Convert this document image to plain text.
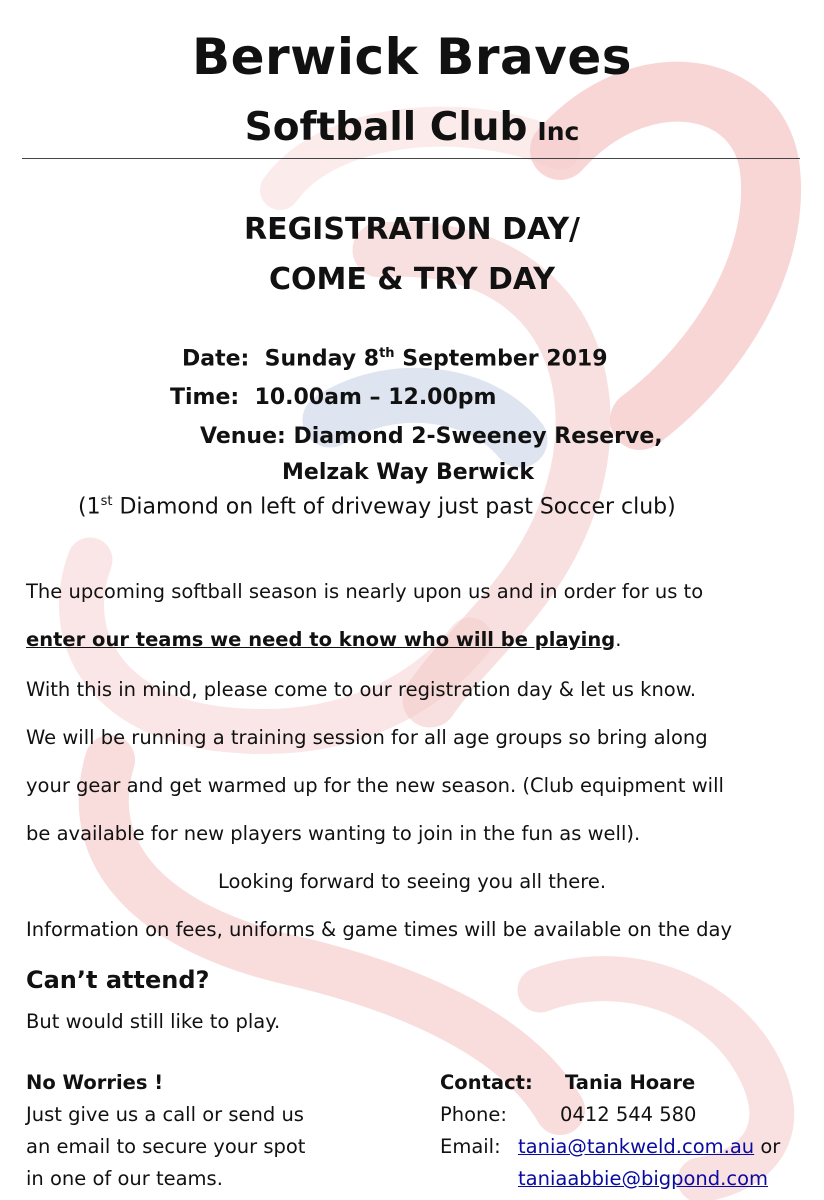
Berwick Braves
Softball Club Inc
REGISTRATION DAY/
COME & TRY DAY
Date: Sunday 8th September 2019
Time: 10.00am – 12.00pm
Venue: Diamond 2-Sweeney Reserve,
Melzak Way Berwick
(1st Diamond on left of driveway just past Soccer club)
The upcoming softball season is nearly upon us and in order for us to
enter our teams we need to know who will be playing.
With this in mind, please come to our registration day & let us know.
We will be running a training session for all age groups so bring along
your gear and get warmed up for the new season. (Club equipment will
be available for new players wanting to join in the fun as well).
Looking forward to seeing you all there.
Information on fees, uniforms & game times will be available on the day
Can’t attend?
But would still like to play.
No Worries !
Just give us a call or send us
an email to secure your spot
in one of our teams.
Contact: Tania Hoare
Phone:	0412 544 580
Email: tania@tankweld.com.au or
taniaabbie@bigpond.com
